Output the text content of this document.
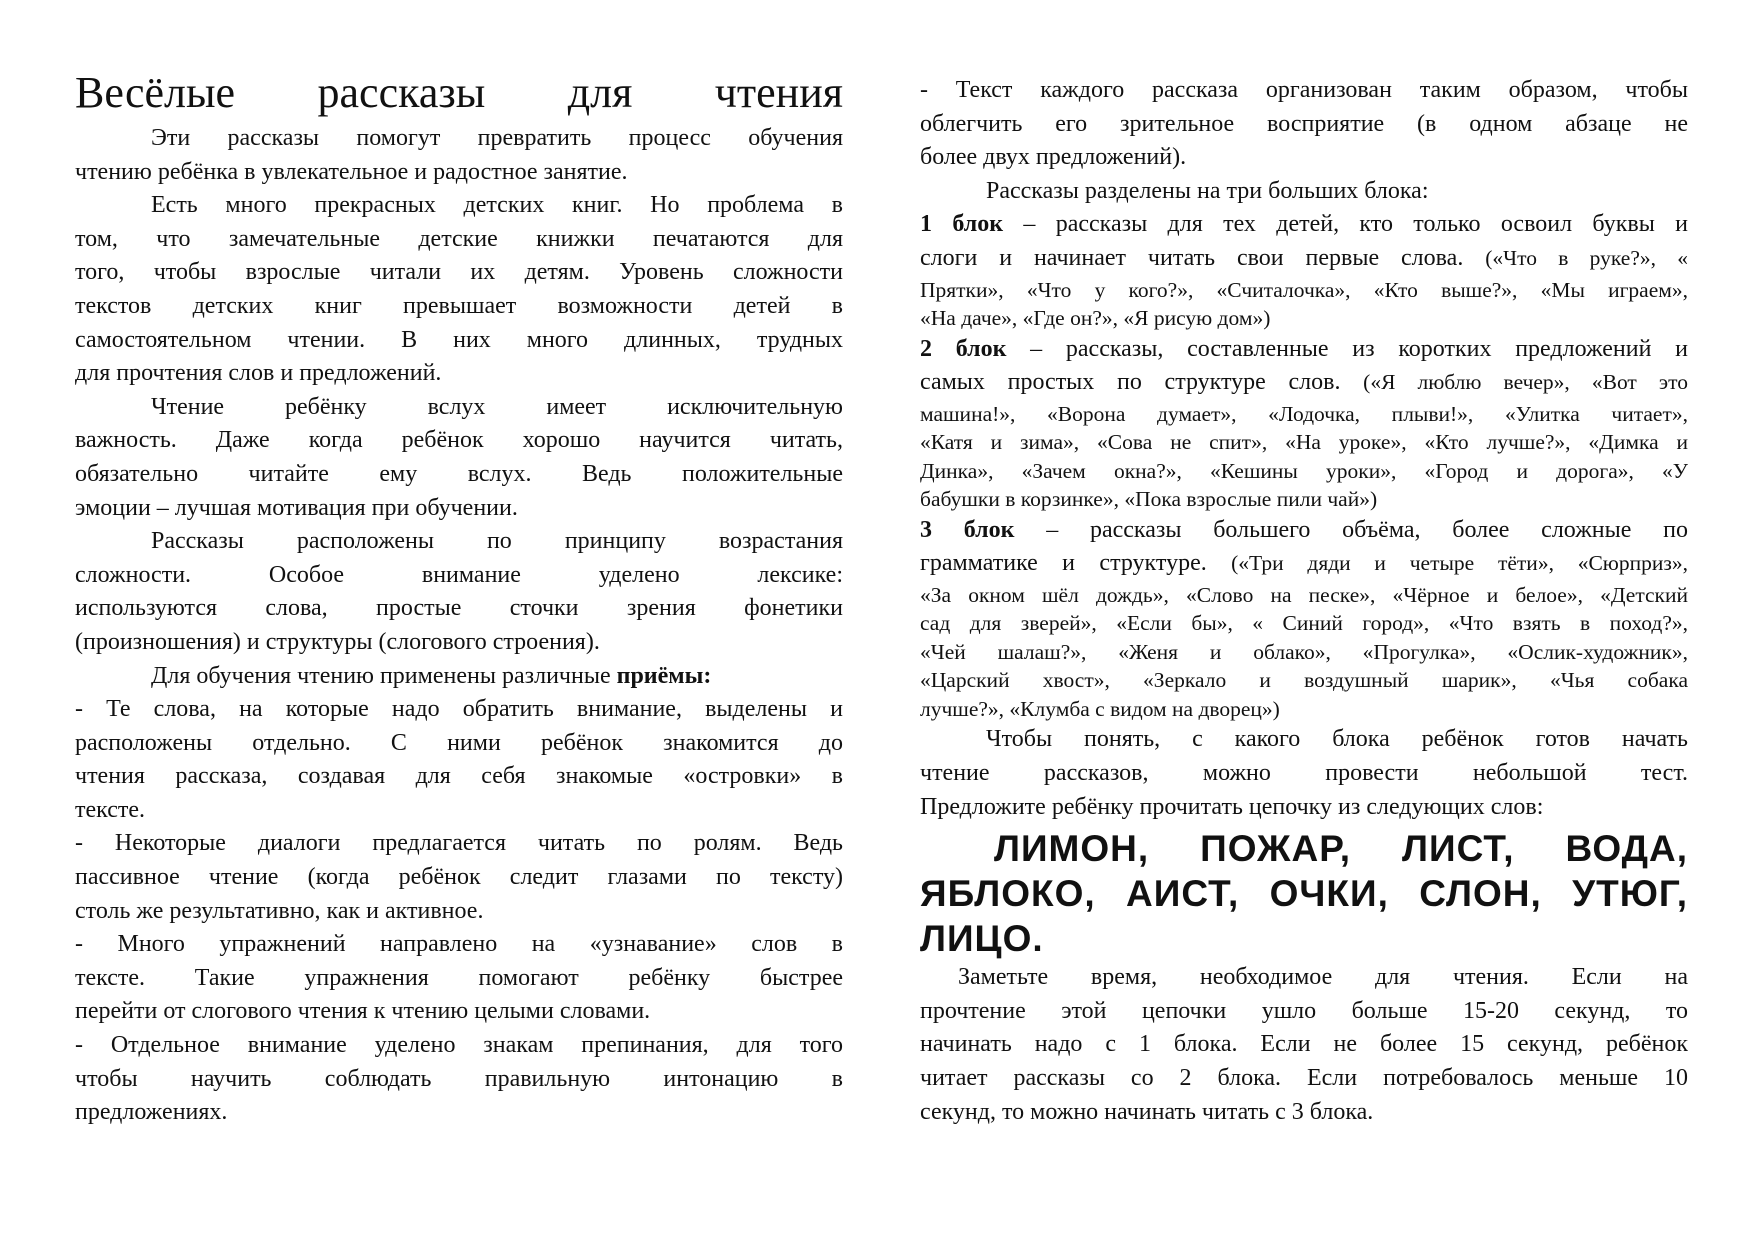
Весёлые рассказы для чтения
Эти рассказы помогут превратить процесс обучения
чтению ребёнка в увлекательное и радостное занятие.
Есть много прекрасных детских книг. Но проблема в
том, что замечательные детские книжки печатаются для
того, чтобы взрослые читали их детям. Уровень сложности
текстов детских книг превышает возможности детей в
самостоятельном чтении. В них много длинных, трудных
для прочтения слов и предложений.
Чтение ребёнку вслух имеет исключительную
важность. Даже когда ребёнок хорошо научится читать,
обязательно читайте ему вслух. Ведь положительные
эмоции – лучшая мотивация при обучении.
Рассказы расположены по принципу возрастания
сложности. Особое внимание уделено лексике:
используются слова, простые сточки зрения фонетики
(произношения) и структуры (слогового строения).
Для обучения чтению применены различные приёмы:
- Те слова, на которые надо обратить внимание, выделены и
расположены отдельно. С ними ребёнок знакомится до
чтения рассказа, создавая для себя знакомые «островки» в
тексте.
- Некоторые диалоги предлагается читать по ролям. Ведь
пассивное чтение (когда ребёнок следит глазами по тексту)
столь же результативно, как и активное.
- Много упражнений направлено на «узнавание» слов в
тексте. Такие упражнения помогают ребёнку быстрее
перейти от слогового чтения к чтению целыми словами.
- Отдельное внимание уделено знакам препинания, для того
чтобы научить соблюдать правильную интонацию в
предложениях.
- Текст каждого рассказа организован таким образом, чтобы
облегчить его зрительное восприятие (в одном абзаце не
более двух предложений).
Рассказы разделены на три больших блока:
1 блок – рассказы для тех детей, кто только освоил буквы и
слоги и начинает читать свои первые слова. («Что в руке?», «
Прятки», «Что у кого?», «Считалочка», «Кто выше?», «Мы играем»,
«На даче», «Где он?», «Я рисую дом»)
2 блок – рассказы, составленные из коротких предложений и
самых простых по структуре слов. («Я люблю вечер», «Вот это
машина!», «Ворона думает», «Лодочка, плыви!», «Улитка читает»,
«Катя и зима», «Сова не спит», «На уроке», «Кто лучше?», «Димка и
Динка», «Зачем окна?», «Кешины уроки», «Город и дорога», «У
бабушки в корзинке», «Пока взрослые пили чай»)
3 блок – рассказы большего объёма, более сложные по
грамматике и структуре. («Три дяди и четыре тёти», «Сюрприз»,
«За окном шёл дождь», «Слово на песке», «Чёрное и белое», «Детский
сад для зверей», «Если бы», « Синий город», «Что взять в поход?»,
«Чей шалаш?», «Женя и облако», «Прогулка», «Ослик-художник»,
«Царский хвост», «Зеркало и воздушный шарик», «Чья собака
лучше?», «Клумба с видом на дворец»)
Чтобы понять, с какого блока ребёнок готов начать
чтение рассказов, можно провести небольшой тест.
Предложите ребёнку прочитать цепочку из следующих слов:
ЛИМОН, ПОЖАР, ЛИСТ, ВОДА,
ЯБЛОКО, АИСТ, ОЧКИ, СЛОН, УТЮГ,
ЛИЦО.
Заметьте время, необходимое для чтения. Если на
прочтение этой цепочки ушло больше 15-20 секунд, то
начинать надо с 1 блока. Если не более 15 секунд, ребёнок
читает рассказы со 2 блока. Если потребовалось меньше 10
секунд, то можно начинать читать с 3 блока.
